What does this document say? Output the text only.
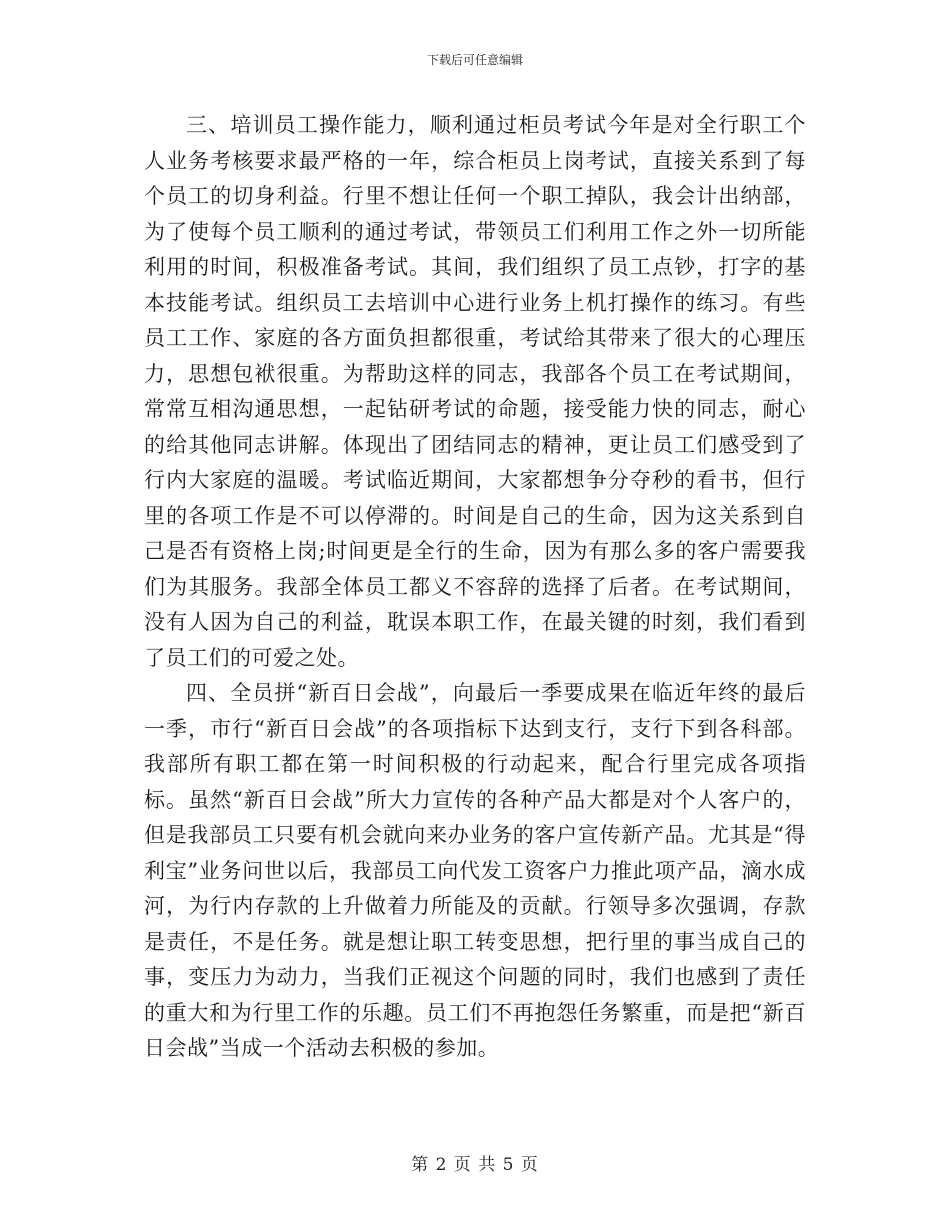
下载后可任意编辑

三、培训员工操作能力，顺利通过柜员考试今年是对全行职工个人业务考核要求最严格的一年，综合柜员上岗考试，直接关系到了每个员工的切身利益。行里不想让任何一个职工掉队，我会计出纳部，为了使每个员工顺利的通过考试，带领员工们利用工作之外一切所能利用的时间，积极准备考试。其间，我们组织了员工点钞，打字的基本技能考试。组织员工去培训中心进行业务上机打操作的练习。有些员工工作、家庭的各方面负担都很重，考试给其带来了很大的心理压力，思想包袱很重。为帮助这样的同志，我部各个员工在考试期间，常常互相沟通思想，一起钻研考试的命题，接受能力快的同志，耐心的给其他同志讲解。体现出了团结同志的精神，更让员工们感受到了行内大家庭的温暖。考试临近期间，大家都想争分夺秒的看书，但行里的各项工作是不可以停滞的。时间是自己的生命，因为这关系到自己是否有资格上岗;时间更是全行的生命，因为有那么多的客户需要我们为其服务。我部全体员工都义不容辞的选择了后者。在考试期间，没有人因为自己的利益，耽误本职工作，在最关键的时刻，我们看到了员工们的可爱之处。

四、全员拼“新百日会战”，向最后一季要成果在临近年终的最后一季，市行“新百日会战”的各项指标下达到支行，支行下到各科部。我部所有职工都在第一时间积极的行动起来，配合行里完成各项指标。虽然“新百日会战”所大力宣传的各种产品大都是对个人客户的，但是我部员工只要有机会就向来办业务的客户宣传新产品。尤其是“得利宝”业务问世以后，我部员工向代发工资客户力推此项产品，滴水成河，为行内存款的上升做着力所能及的贡献。行领导多次强调，存款是责任，不是任务。就是想让职工转变思想，把行里的事当成自己的事，变压力为动力，当我们正视这个问题的同时，我们也感到了责任的重大和为行里工作的乐趣。员工们不再抱怨任务繁重，而是把“新百日会战”当成一个活动去积极的参加。

第 2 页 共 5 页
